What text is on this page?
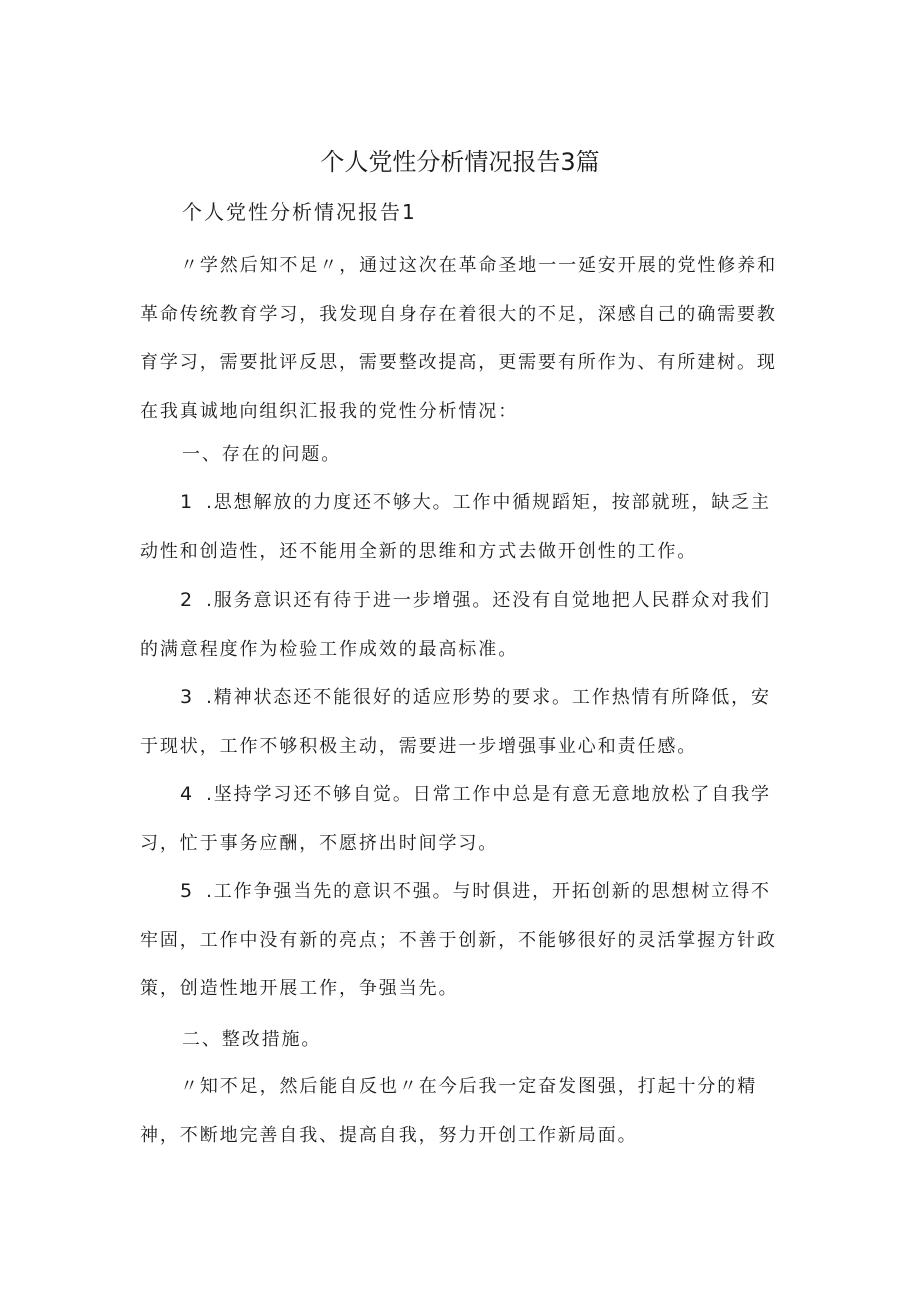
个人党性分析情况报告3篇
个人党性分析情况报告1

〃学然后知不足〃，通过这次在革命圣地一一延安开展的党性修养和革命传统教育学习，我发现自身存在着很大的不足，深感自己的确需要教育学习，需要批评反思，需要整改提高，更需要有所作为、有所建树。现在我真诚地向组织汇报我的党性分析情况：

一、存在的问题。

1 .思想解放的力度还不够大。工作中循规蹈矩，按部就班，缺乏主动性和创造性，还不能用全新的思维和方式去做开创性的工作。

2 .服务意识还有待于进一步增强。还没有自觉地把人民群众对我们的满意程度作为检验工作成效的最高标准。

3 .精神状态还不能很好的适应形势的要求。工作热情有所降低，安于现状，工作不够积极主动，需要进一步增强事业心和责任感。

4 .坚持学习还不够自觉。日常工作中总是有意无意地放松了自我学习，忙于事务应酬，不愿挤出时间学习。

5 .工作争强当先的意识不强。与时俱进，开拓创新的思想树立得不牢固，工作中没有新的亮点；不善于创新，不能够很好的灵活掌握方针政策，创造性地开展工作，争强当先。

二、整改措施。

〃知不足，然后能自反也〃在今后我一定奋发图强，打起十分的精神，不断地完善自我、提高自我，努力开创工作新局面。
